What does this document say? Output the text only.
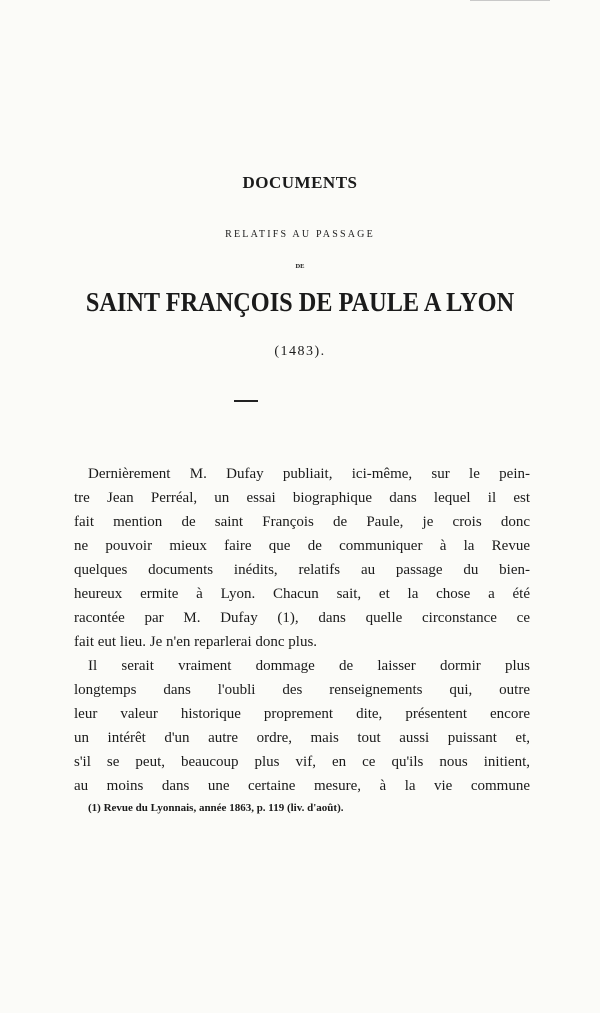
DOCUMENTS
RELATIFS AU PASSAGE
DE
SAINT FRANÇOIS DE PAULE A LYON
(1483).
Dernièrement M. Dufay publiait, ici-même, sur le pein-
tre Jean Perréal, un essai biographique dans lequel il est
fait mention de saint François de Paule, je crois donc
ne pouvoir mieux faire que de communiquer à la Revue
quelques documents inédits, relatifs au passage du bien-
heureux ermite à Lyon. Chacun sait, et la chose a été
racontée par M. Dufay (1), dans quelle circonstance ce
fait eut lieu. Je n'en reparlerai donc plus.
Il serait vraiment dommage de laisser dormir plus
longtemps dans l'oubli des renseignements qui, outre
leur valeur historique proprement dite, présentent encore
un intérêt d'un autre ordre, mais tout aussi puissant et,
s'il se peut, beaucoup plus vif, en ce qu'ils nous initient,
au moins dans une certaine mesure, à la vie commune
(1) Revue du Lyonnais, année 1863, p. 119 (liv. d'août).
